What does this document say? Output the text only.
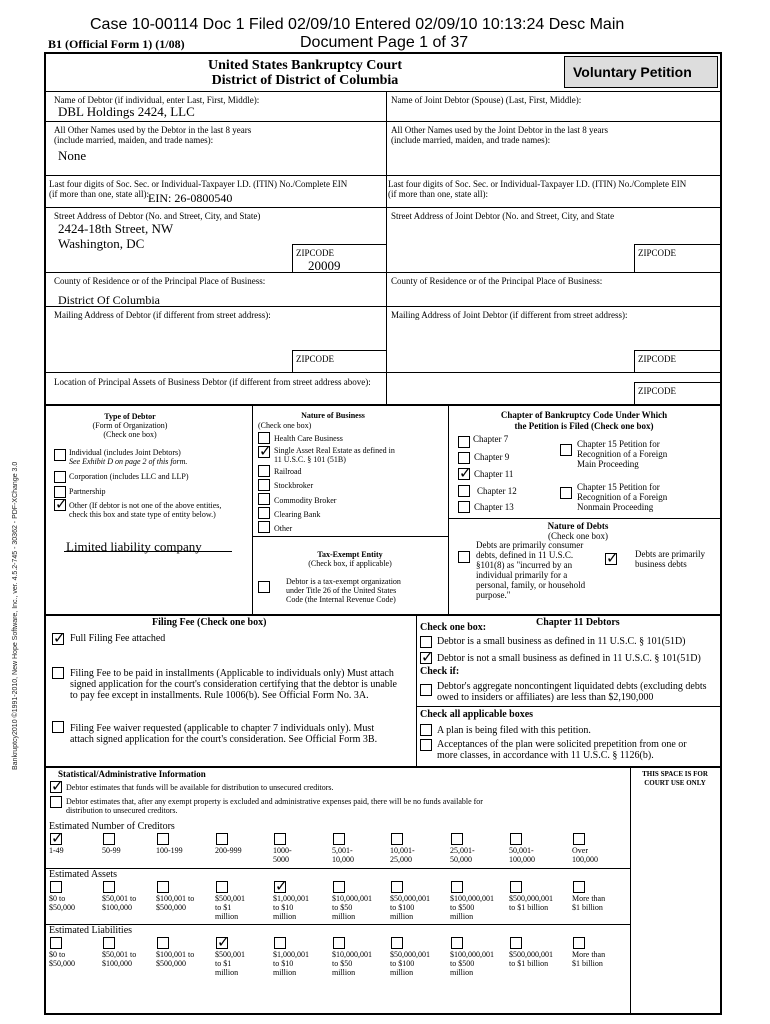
Case 10-00114 Doc 1 Filed 02/09/10 Entered 02/09/10 10:13:24 Desc Main
B1 (Official Form 1) (1/08)	Document Page 1 of 37
United States Bankruptcy Court
District of District of Columbia
Voluntary Petition
Name of Debtor (if individual, enter Last, First, Middle):
DBL Holdings 2424, LLC
Name of Joint Debtor (Spouse) (Last, First, Middle):
All Other Names used by the Debtor in the last 8 years
(include married, maiden, and trade names):
None
All Other Names used by the Joint Debtor in the last 8 years
(include married, maiden, and trade names):
Last four digits of Soc. Sec. or Individual-Taxpayer I.D. (ITIN) No./Complete EIN
(if more than one, state all): EIN: 26-0800540
Last four digits of Soc. Sec. or Individual-Taxpayer I.D. (ITIN) No./Complete EIN
(if more than one, state all):
Street Address of Debtor (No. and Street, City, and State)
2424-18th Street, NW
Washington, DC
Street Address of Joint Debtor (No. and Street, City, and State
ZIPCODE
20009
ZIPCODE
County of Residence or of the Principal Place of Business:
District Of Columbia
County of Residence or of the Principal Place of Business:
Mailing Address of Debtor (if different from street address):	Mailing Address of Joint Debtor (if different from street address):
ZIPCODE	ZIPCODE
Location of Principal Assets of Business Debtor (if different from street address above):
ZIPCODE
Type of Debtor
(Form of Organization)
(Check one box)
Individual (includes Joint Debtors)
See Exhibit D on page 2 of this form.
Corporation (includes LLC and LLP)
Partnership
✓
Other (If debtor is not one of the above entities,
check this box and state type of entity below.)
Limited liability company
Nature of Business
(Check one box)
Health Care Business
✓
Single Asset Real Estate as defined in
11 U.S.C. § 101 (51B)
Railroad
Stockbroker
Commodity Broker
Clearing Bank
Other
Tax-Exempt Entity
(Check box, if applicable)
Debtor is a tax-exempt organization
under Title 26 of the United States
Code (the Internal Revenue Code)
Chapter of Bankruptcy Code Under Which
the Petition is Filed (Check one box)
Chapter 7
Chapter 9
✓
Chapter 11
Chapter 12
Chapter 13
Chapter 15 Petition for
Recognition of a Foreign
Main Proceeding
Chapter 15 Petition for
Recognition of a Foreign
Nonmain Proceeding
Nature of Debts
(Check one box)
Debts are primarily consumer
debts, defined in 11 U.S.C.
§101(8) as "incurred by an
individual primarily for a
personal, family, or household
purpose."
✓
Debts are primarily
business debts
Filing Fee (Check one box)
✓
Full Filing Fee attached
Filing Fee to be paid in installments (Applicable to individuals only) Must attach
signed application for the court's consideration certifying that the debtor is unable
to pay fee except in installments. Rule 1006(b). See Official Form No. 3A.
Filing Fee waiver requested (applicable to chapter 7 individuals only). Must
attach signed application for the court's consideration. See Official Form 3B.
Check one box:	Chapter 11 Debtors
Debtor is a small business as defined in 11 U.S.C. § 101(51D)
✓
Debtor is not a small business as defined in 11 U.S.C. § 101(51D)
Check if:
Debtor's aggregate noncontingent liquidated debts (excluding debts
owed to insiders or affiliates) are less than $2,190,000
Check all applicable boxes
A plan is being filed with this petition.
Acceptances of the plan were solicited prepetition from one or
more classes, in accordance with 11 U.S.C. § 1126(b).
Statistical/Administrative Information	THIS SPACE IS FOR
COURT USE ONLY
✓
Debtor estimates that funds will be available for distribution to unsecured creditors.
Debtor estimates that, after any exempt property is excluded and administrative expenses paid, there will be no funds available for
distribution to unsecured creditors.
Estimated Number of Creditors
✓
1-49	50-99	100-199	200-999	1000-
5000
5,001-
10,000
10,001-
25,000
25,001-
50,000
50,001-
100,000
Over
100,000
Estimated Assets
$0 to
$50,000
$50,001 to
$100,000
$100,001 to
$500,000
$500,001
to $1
million
✓
$1,000,001
to $10
million
$10,000,001
to $50
million
$50,000,001
to $100
million
$100,000,001
to $500
million
$500,000,001
to $1 billion
More than
$1 billion
Estimated Liabilities
$0 to
$50,000
$50,001 to
$100,000
$100,001 to
$500,000
✓
$500,001
to $1
million
$1,000,001
to $10
million
$10,000,001
to $50
million
$50,000,001
to $100
million
$100,000,001
to $500
million
$500,000,001
to $1 billion
More than
$1 billion
Bankruptcy2010 ©1991-2010, New Hope Software, Inc., ver. 4.5.2-745 - 30362 - PDF-XChange 3.0
